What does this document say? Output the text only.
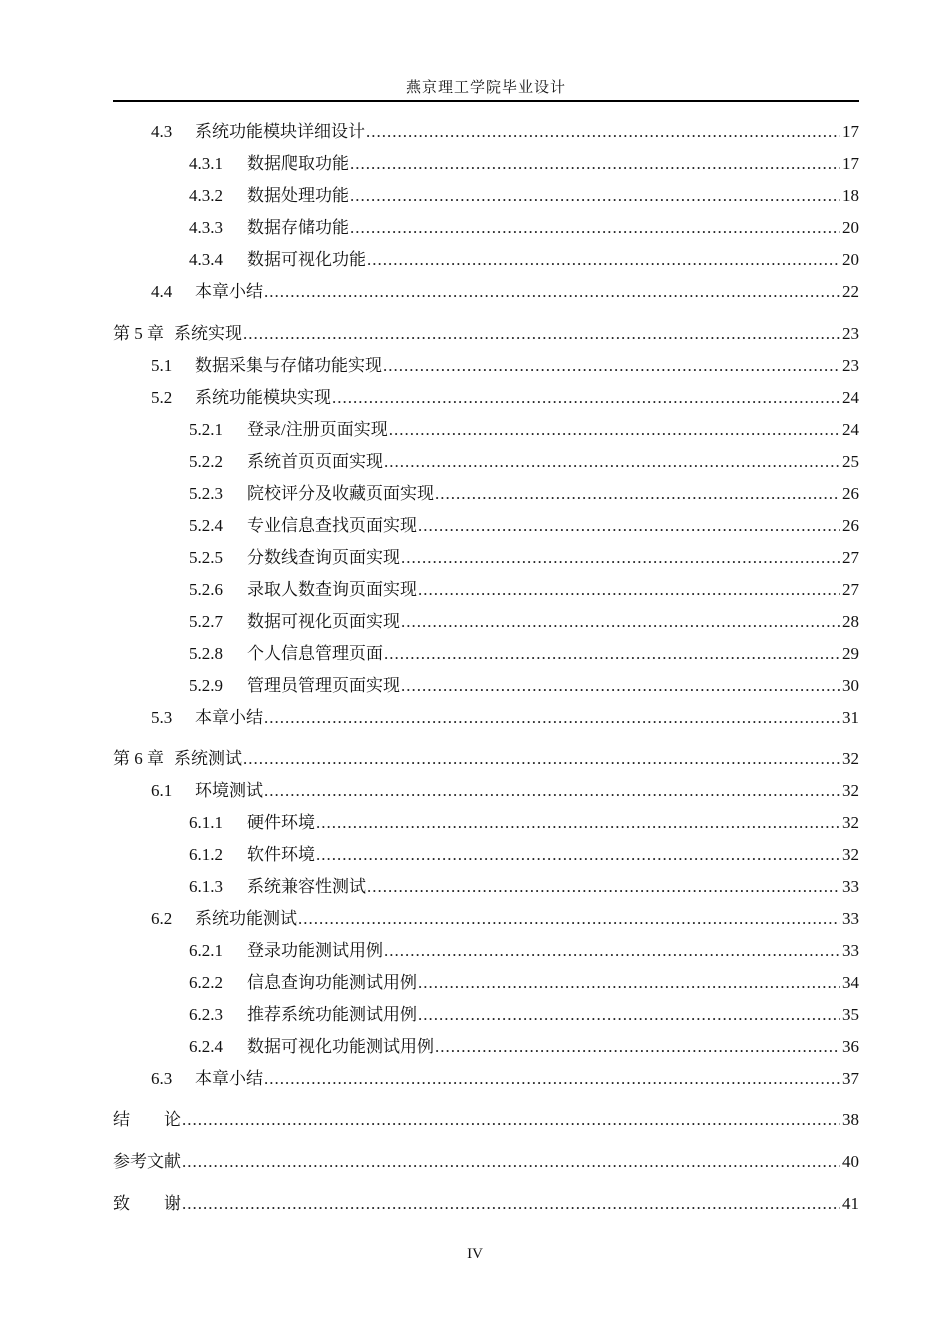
燕京理工学院毕业设计
4.3	系统功能模块详细设计 .....	17
4.3.1	数据爬取功能 .....	17
4.3.2	数据处理功能 .....	18
4.3.3	数据存储功能 .....	20
4.3.4	数据可视化功能 .....	20
4.4	本章小结 .....	22
第 5 章 系统实现 .....	23
5.1	数据采集与存储功能实现 .....	23
5.2	系统功能模块实现 .....	24
5.2.1	登录/注册页面实现 .....	24
5.2.2	系统首页页面实现 .....	25
5.2.3	院校评分及收藏页面实现 .....	26
5.2.4	专业信息查找页面实现 .....	26
5.2.5	分数线查询页面实现 .....	27
5.2.6	录取人数查询页面实现 .....	27
5.2.7	数据可视化页面实现 .....	28
5.2.8	个人信息管理页面 .....	29
5.2.9	管理员管理页面实现 .....	30
5.3	本章小结 .....	31
第 6 章 系统测试 .....	32
6.1	环境测试 .....	32
6.1.1	硬件环境 .....	32
6.1.2	软件环境 .....	32
6.1.3	系统兼容性测试 .....	33
6.2	系统功能测试 .....	33
6.2.1	登录功能测试用例 .....	33
6.2.2	信息查询功能测试用例 .....	34
6.2.3	推荐系统功能测试用例 .....	35
6.2.4	数据可视化功能测试用例 .....	36
6.3	本章小结 .....	37
结　　论 .....	38
参考文献 .....	40
致　　谢 .....	41
IV
